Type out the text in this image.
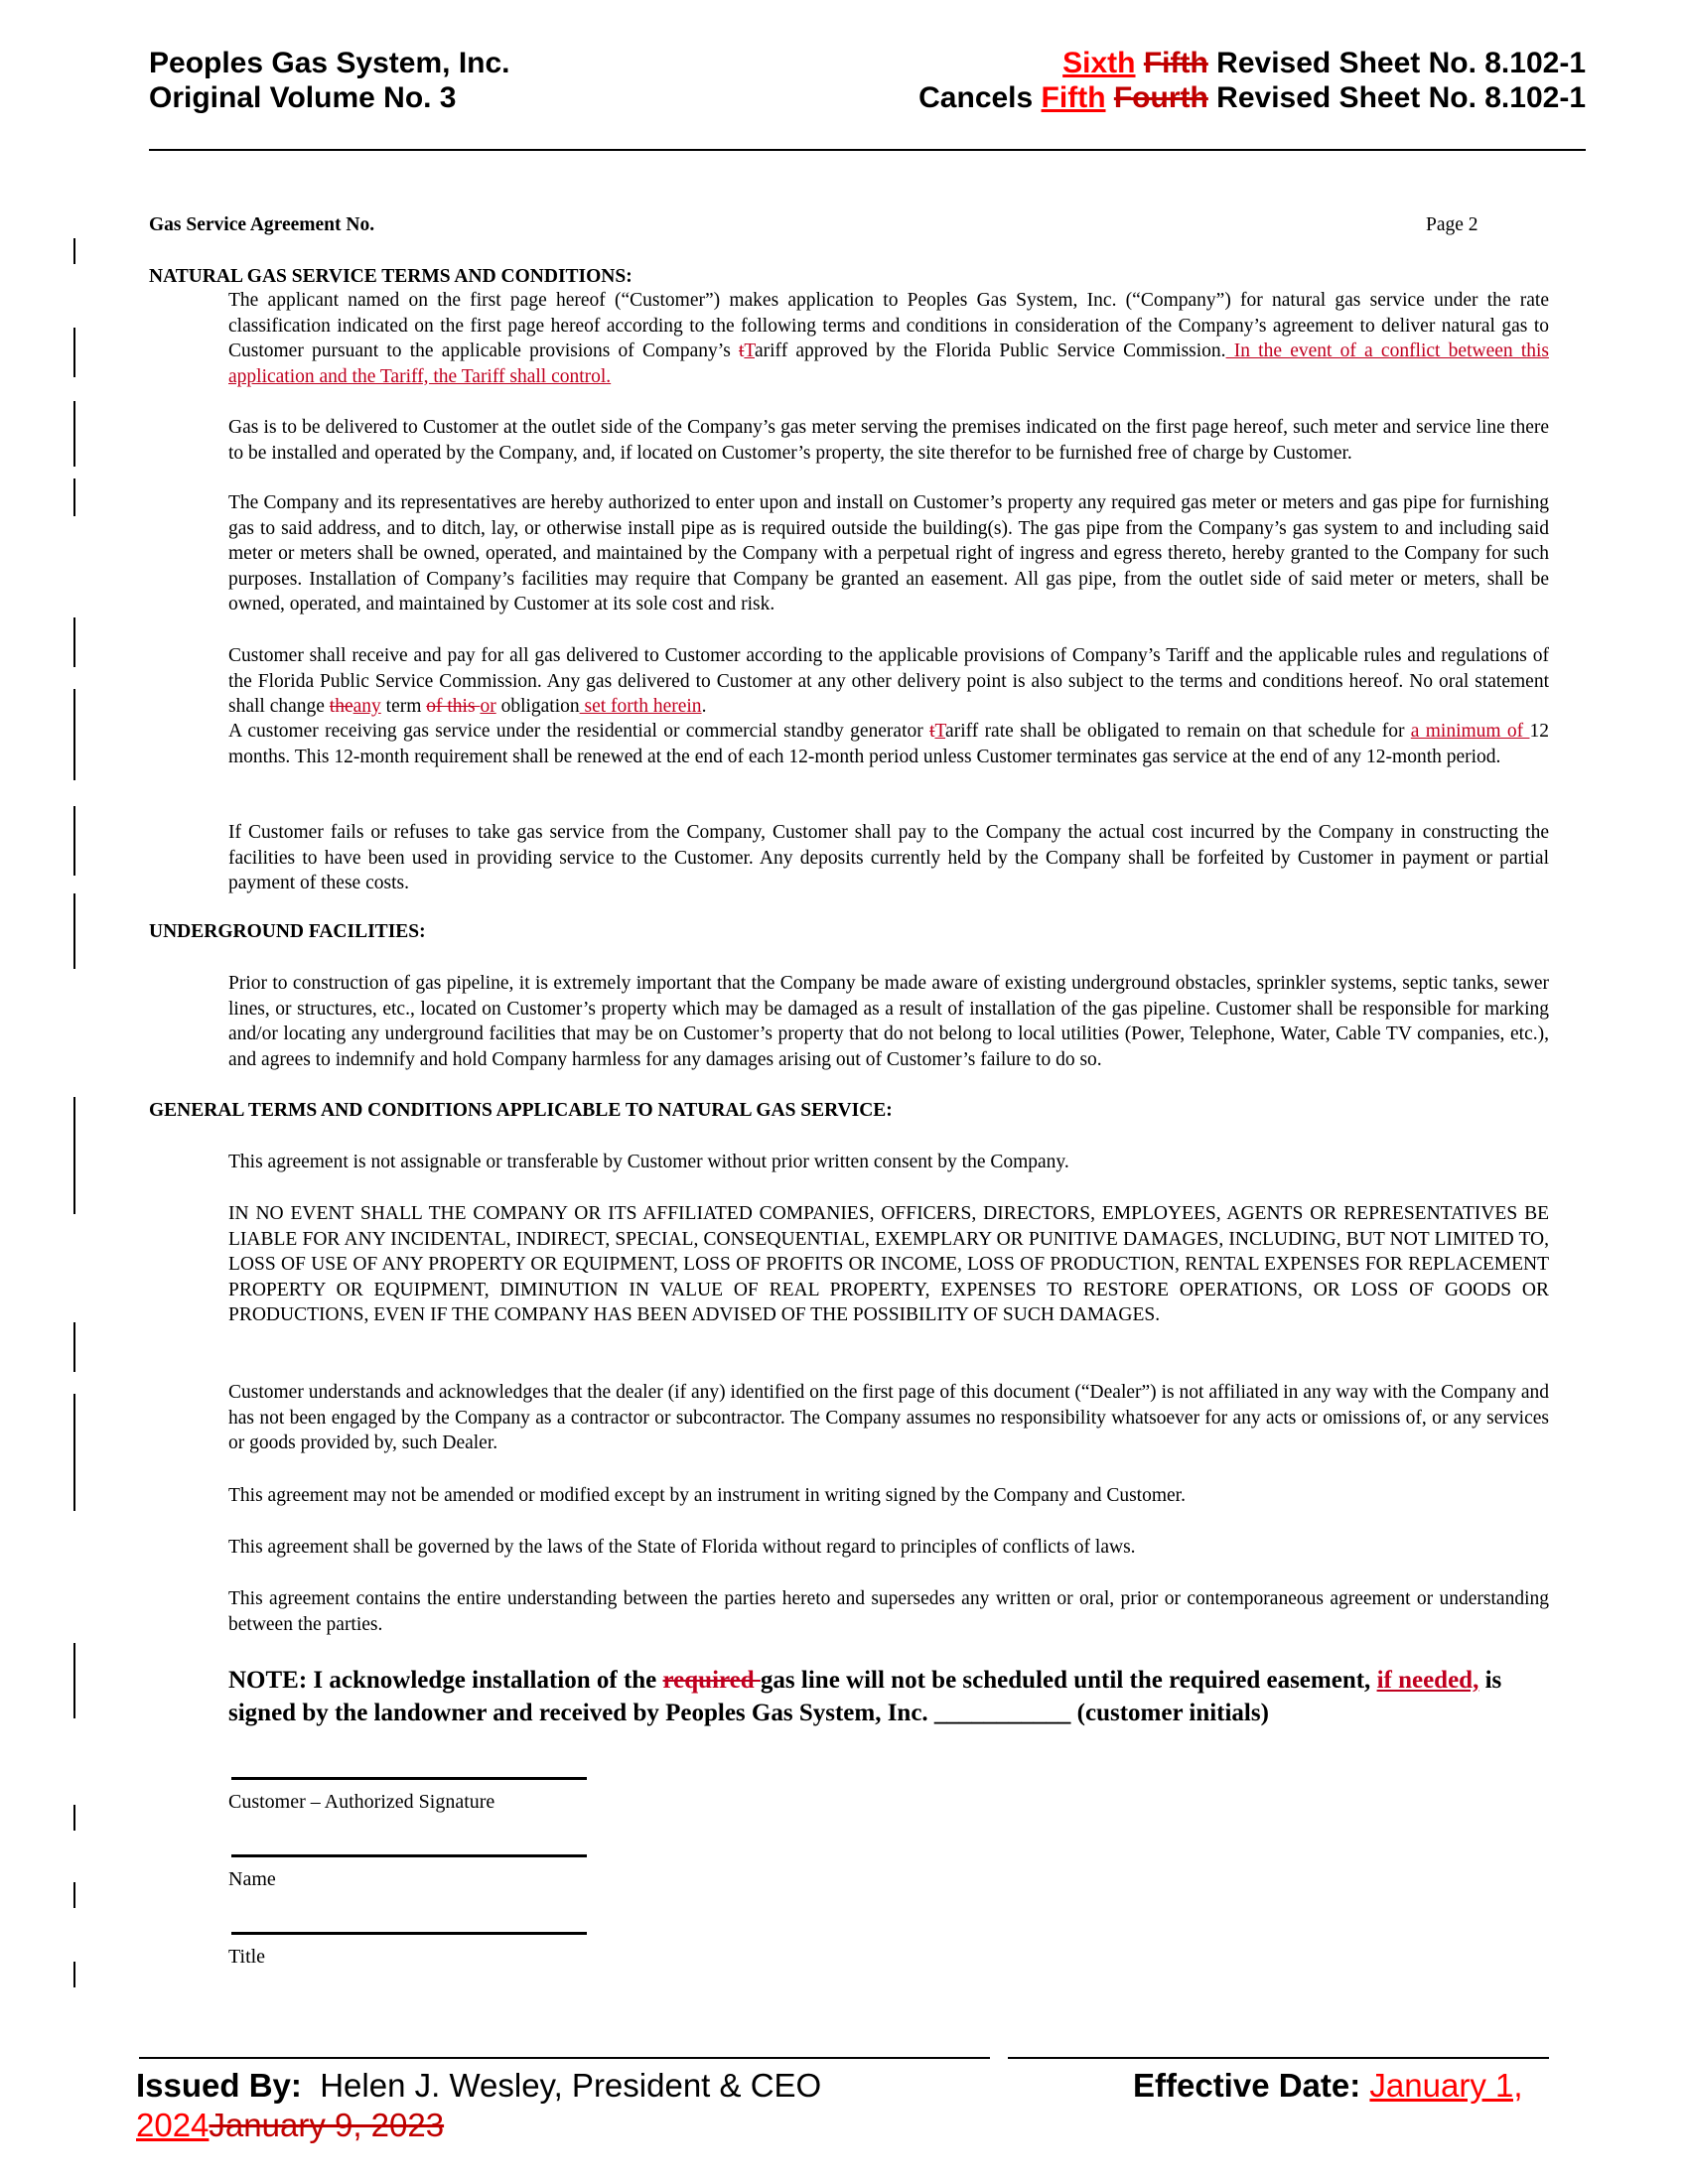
Peoples Gas System, Inc.
Original Volume No. 3
Sixth Fifth Revised Sheet No. 8.102-1
Cancels Fifth Fourth Revised Sheet No. 8.102-1
Gas Service Agreement No.	Page 2
NATURAL GAS SERVICE TERMS AND CONDITIONS:
The applicant named on the first page hereof (“Customer”) makes application to Peoples Gas System, Inc. (“Company”) for natural gas service under the rate classification indicated on the first page hereof according to the following terms and conditions in consideration of the Company’s agreement to deliver natural gas to Customer pursuant to the applicable provisions of Company’s tTariff approved by the Florida Public Service Commission. In the event of a conflict between this application and the Tariff, the Tariff shall control.
Gas is to be delivered to Customer at the outlet side of the Company’s gas meter serving the premises indicated on the first page hereof, such meter and service line there to be installed and operated by the Company, and, if located on Customer’s property, the site therefor to be furnished free of charge by Customer.
The Company and its representatives are hereby authorized to enter upon and install on Customer’s property any required gas meter or meters and gas pipe for furnishing gas to said address, and to ditch, lay, or otherwise install pipe as is required outside the building(s). The gas pipe from the Company’s gas system to and including said meter or meters shall be owned, operated, and maintained by the Company with a perpetual right of ingress and egress thereto, hereby granted to the Company for such purposes. Installation of Company’s facilities may require that Company be granted an easement. All gas pipe, from the outlet side of said meter or meters, shall be owned, operated, and maintained by Customer at its sole cost and risk.
Customer shall receive and pay for all gas delivered to Customer according to the applicable provisions of Company’s Tariff and the applicable rules and regulations of the Florida Public Service Commission. Any gas delivered to Customer at any other delivery point is also subject to the terms and conditions hereof. No oral statement shall change theany term of this or obligation set forth herein.
A customer receiving gas service under the residential or commercial standby generator tTariff rate shall be obligated to remain on that schedule for a minimum of 12 months. This 12-month requirement shall be renewed at the end of each 12-month period unless Customer terminates gas service at the end of any 12-month period.
If Customer fails or refuses to take gas service from the Company, Customer shall pay to the Company the actual cost incurred by the Company in constructing the facilities to have been used in providing service to the Customer. Any deposits currently held by the Company shall be forfeited by Customer in payment or partial payment of these costs.
UNDERGROUND FACILITIES:
Prior to construction of gas pipeline, it is extremely important that the Company be made aware of existing underground obstacles, sprinkler systems, septic tanks, sewer lines, or structures, etc., located on Customer’s property which may be damaged as a result of installation of the gas pipeline. Customer shall be responsible for marking and/or locating any underground facilities that may be on Customer’s property that do not belong to local utilities (Power, Telephone, Water, Cable TV companies, etc.), and agrees to indemnify and hold Company harmless for any damages arising out of Customer’s failure to do so.
GENERAL TERMS AND CONDITIONS APPLICABLE TO NATURAL GAS SERVICE:
This agreement is not assignable or transferable by Customer without prior written consent by the Company.
IN NO EVENT SHALL THE COMPANY OR ITS AFFILIATED COMPANIES, OFFICERS, DIRECTORS, EMPLOYEES, AGENTS OR REPRESENTATIVES BE LIABLE FOR ANY INCIDENTAL, INDIRECT, SPECIAL, CONSEQUENTIAL, EXEMPLARY OR PUNITIVE DAMAGES, INCLUDING, BUT NOT LIMITED TO, LOSS OF USE OF ANY PROPERTY OR EQUIPMENT, LOSS OF PROFITS OR INCOME, LOSS OF PRODUCTION, RENTAL EXPENSES FOR REPLACEMENT PROPERTY OR EQUIPMENT, DIMINUTION IN VALUE OF REAL PROPERTY, EXPENSES TO RESTORE OPERATIONS, OR LOSS OF GOODS OR PRODUCTIONS, EVEN IF THE COMPANY HAS BEEN ADVISED OF THE POSSIBILITY OF SUCH DAMAGES.
Customer understands and acknowledges that the dealer (if any) identified on the first page of this document (“Dealer”) is not affiliated in any way with the Company and has not been engaged by the Company as a contractor or subcontractor. The Company assumes no responsibility whatsoever for any acts or omissions of, or any services or goods provided by, such Dealer.
This agreement may not be amended or modified except by an instrument in writing signed by the Company and Customer.
This agreement shall be governed by the laws of the State of Florida without regard to principles of conflicts of laws.
This agreement contains the entire understanding between the parties hereto and supersedes any written or oral, prior or contemporaneous agreement or understanding between the parties.
NOTE: I acknowledge installation of the required gas line will not be scheduled until the required easement, if needed, is signed by the landowner and received by Peoples Gas System, Inc. ___________ (customer initials)
Customer – Authorized Signature
Name
Title
Issued By:  Helen J. Wesley, President & CEO	Effective Date: January 1,
2024January 9, 2023
